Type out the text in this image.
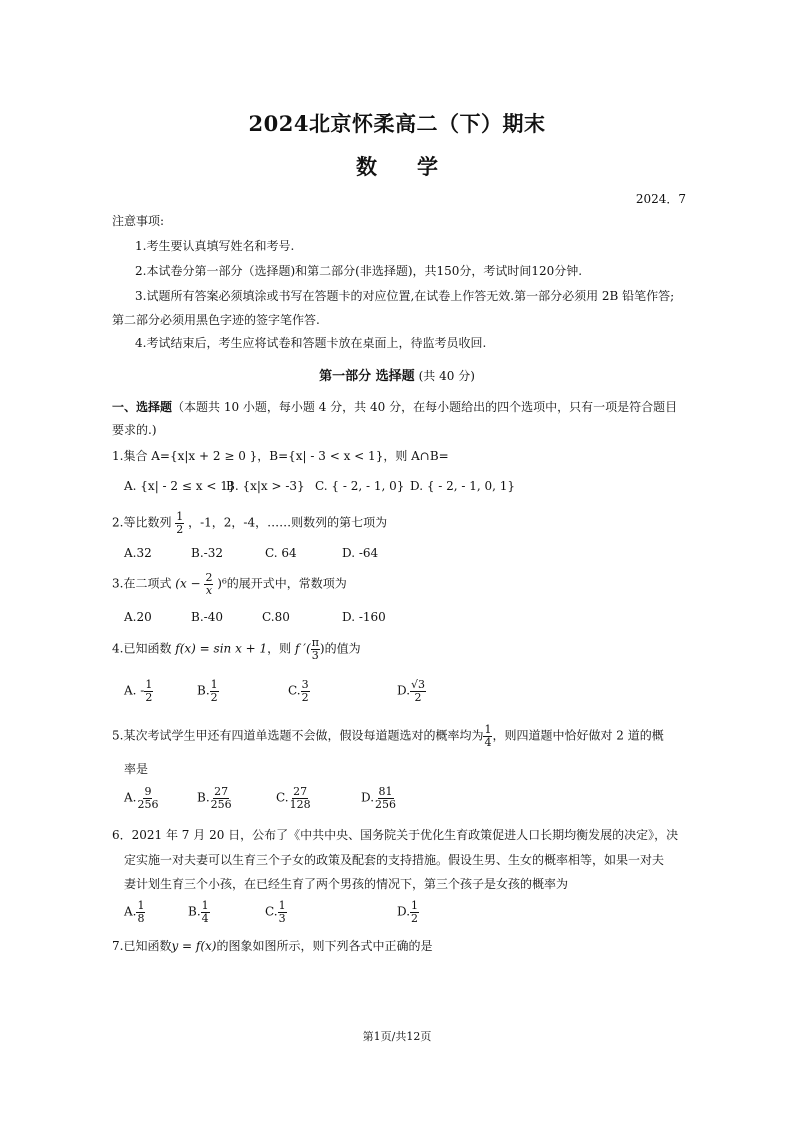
2024北京怀柔高二（下）期末
数 学
2024．7
注意事项:
1.考生要认真填写姓名和考号.
2.本试卷分第一部分（选择题)和第二部分(非选择题)，共150分，考试时间120分钟.
3.试题所有答案必须填涂或书写在答题卡的对应位置,在试卷上作答无效.第一部分必须用 2B 铅笔作答;
第二部分必须用黑色字迹的签字笔作答.
4.考试结束后，考生应将试卷和答题卡放在桌面上，待监考员收回.
第一部分 选择题 (共 40 分)
一、选择题（本题共 10 小题，每小题 4 分，共 40 分，在每小题给出的四个选项中，只有一项是符合题目
要求的.)
1.集合 A={x|x + 2 ≥ 0 }，B={x| - 3 < x < 1}，则 A∩B=
A. {x| - 2 ≤ x < 1}
B. {x|x > -3} C. { - 2, - 1, 0} D. { - 2, - 1, 0, 1}
2.等比数列 $\frac{1}{2}$ ，-1，2，-4，……则数列的第七项为
A.32	B.-32	C. 64	D. -64
3.在二项式 $(x - \frac{2}{x} )^6$的展开式中，常数项为
A.20	B.-40	C.80	D. -160
4.已知函数 f(x) = sin x + 1，则 f ′( $\frac{\pi}{3}$ )的值为
A. - $\frac{1}{2}$	B. $\frac{1}{2}$	C. $\frac{3}{2}$	D. $\frac{√3}{2}$
5.某次考试学生甲还有四道单选题不会做，假设每道题选对的概率均为 $\frac{1}{4}$ ，则四道题中恰好做对 2 道的概
率是
A. $\frac{9}{256}$	B. $\frac{27}{256}$	C. $\frac{27}{128}$	D. $\frac{81}{256}$
6．2021 年 7 月 20 日，公布了《中共中央、国务院关于优化生育政策促进人口长期均衡发展的决定》，决
定实施一对夫妻可以生育三个子女的政策及配套的支持措施。假设生男、生女的概率相等，如果一对夫
妻计划生育三个小孩，在已经生育了两个男孩的情况下，第三个孩子是女孩的概率为
A. $\frac{1}{8}$	B. $\frac{1}{4}$	C. $\frac{1}{3}$	D. $\frac{1}{2}$
7.已知函数y = f(x)的图象如图所示，则下列各式中正确的是
第1页/共12页
